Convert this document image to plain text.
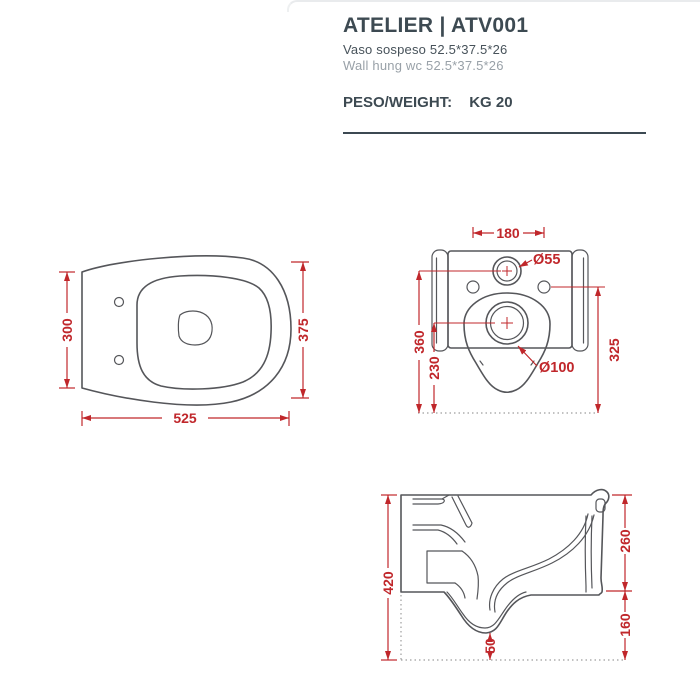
ATELIER | ATV001
Vaso sospeso 52.5*37.5*26
Wall hung wc 52.5*37.5*26
PESO/WEIGHT: KG 20
300	375
525
180
Ø55
Ø100
360
230
325
420
260
160
50
